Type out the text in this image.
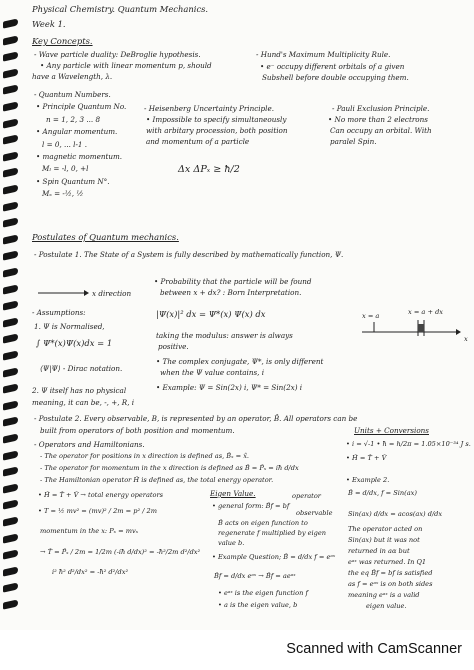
Physical Chemistry. Quantum Mechanics.
Week 1.
Key Concepts.
- Wave particle duality: DeBroglie hypothesis.
• Any particle with linear momentum p, should
have a Wavelength, λ.
- Hund's Maximum Multiplicity Rule.
• e⁻ occupy different orbitals of a given
Subshell before double occupying them.
- Quantum Numbers.
• Principle Quantum No.
n = 1, 2, 3 ... 8
• Angular momentum.
l = 0, ... l-1 .
• magnetic momentum.
Mₗ = -l, 0, +l
• Spin Quantum N°.
Mₛ = -½, ½
- Heisenberg Uncertainty Principle.
• Impossible to specify simultaneously
with arbitary procession, both position
and momentum of a particle
Δx ΔPₓ ≥ ħ/2
- Pauli Exclusion Principle.
• No more than 2 electrons
Can occupy an orbital. With
paralel Spin.
Postulates of Quantum mechanics.
- Postulate 1. The State of a System is fully described by mathematically function, Ψ.
x direction
- Assumptions:
1. Ψ is Normalised,
∫ Ψ*(x)Ψ(x)dx = 1
⟨Ψ|Ψ⟩ - Dirac notation.
2. Ψ itself has no physical
meaning, it can be, -, +, R, i
• Probability that the particle will be found
between x + dx? : Born Interpretation.
|Ψ(x)|² dx = Ψ*(x) Ψ(x) dx
taking the modulus: answer is always
positive.
• The complex conjugate, Ψ*, is only different
when the Ψ value contains, i
• Example: Ψ = Sin(2x) i, Ψ* = Sin(2x) i
x = a	x = a + dx
x
- Postulate 2. Every observable, B, is represented by an operator, B̂. All operators can be
built from operators of both position and momentum.
- Operators and Hamiltonians.
- The operator for positions in x direction is defined as, B̂ₓ = x̂.
- The operator for momentum in the x direction is defined as B̂ = P̂ₓ = iħ d/dx
- The Hamiltonian operator Ĥ is defined as, the total energy operator.
• Ĥ = T̂ + V̂ → total energy operators
• T = ½ mv² = (mv)² / 2m = p² / 2m
momentum in the x: Pₓ = mvₓ
→ T̂ = P̂ₓ / 2m = 1/2m (-iħ d/dx)² = -ħ²/2m d²/dx²
i² ħ² d²/dx² = -ħ² d²/dx²
Eigen Value.
• general form: B̂f = bf
operator
observable
B̂ acts on eigen function to
regenerate f multiplied by eigen
value b.
• Example Question; B̂ = d/dx f = eᵃˣ
B̂f = d/dx eᵃˣ → B̂f = aeᵃˣ
• eᵃˣ is the eigen function f
• a is the eigen value, b
Units + Conversions
• i = √-1 • ħ = h/2π = 1.05×10⁻³⁴ J s.
• Ĥ = T̂ + V̂
• Example 2.
B̂ = d/dx, f = Sin(ax)
Sin(ax) d/dx = acos(ax) d/dx
The operator acted on
Sin(ax) but it was not
returned in aα but
eᵃˣ was returned. In Q1
the eq B̂f = bf is satisfied
as f = eᵃˣ is on both sides
meaning eᵃˣ is a valid
eigen value.
Scanned with CamScanner
